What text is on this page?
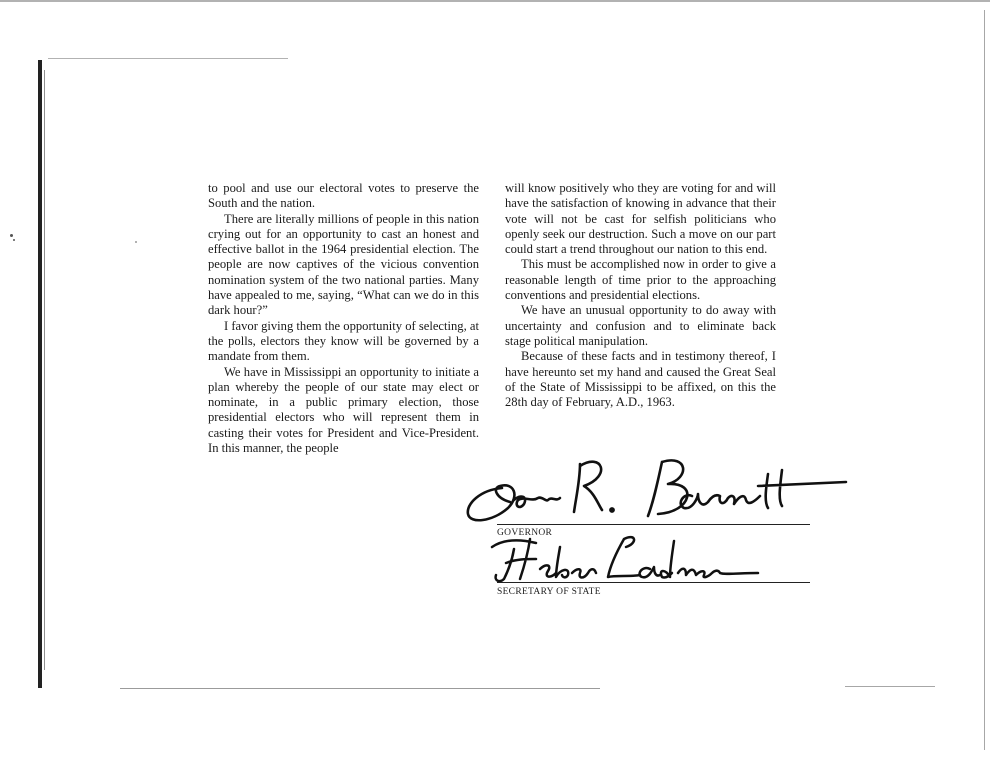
to pool and use our electoral votes to preserve the South and the nation.

There are literally millions of people in this nation crying out for an opportunity to cast an honest and effective ballot in the 1964 presidential election. The people are now captives of the vicious convention nomination system of the two national parties. Many have appealed to me, saying, “What can we do in this dark hour?”

I favor giving them the opportunity of selecting, at the polls, electors they know will be governed by a mandate from them.

We have in Mississippi an opportunity to initiate a plan whereby the people of our state may elect or nominate, in a public primary election, those presidential electors who will represent them in casting their votes for President and Vice-President. In this manner, the people

will know positively who they are voting for and will have the satisfaction of knowing in advance that their vote will not be cast for selfish politicians who openly seek our destruction. Such a move on our part could start a trend throughout our nation to this end.

This must be accomplished now in order to give a reasonable length of time prior to the approaching conventions and presidential elections.

We have an unusual opportunity to do away with uncertainty and confusion and to eliminate back stage political manipulation.

Because of these facts and in testimony thereof, I have hereunto set my hand and caused the Great Seal of the State of Mississippi to be affixed, on this the 28th day of February, A.D., 1963.

GOVERNOR
SECRETARY OF STATE
